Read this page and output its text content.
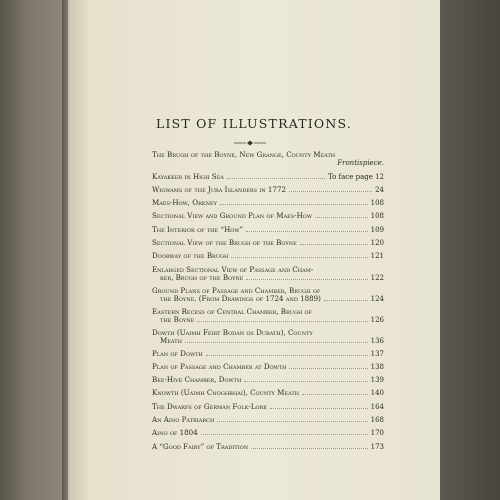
LIST OF ILLUSTRATIONS.
The Brugh of the Boyne, New Grange, County Meath
Frontispiece.
Kayakker in High Sea	To face page 12
Wigwams of the Jura Islanders in 1772	24
Maes-How, Orkney	108
Sectional View and Ground Plan of Maes-How	108
The Interior of the “How”	109
Sectional View of the Brugh of the Boyne	120
Doorway of the Brugh	121
Enlarged Sectional View of Passage and Cham-
ber, Brugh of the Boyne	122
Ground Plans of Passage and Chamber, Brugh of
the Boyne. (From Drawings of 1724 and 1889)	124
Eastern Recess of Central Chamber, Brugh of
the Boyne	126
Dowth (Uaimh Feirt Bodan os Dubath), County
Meath	136
Plan of Dowth	137
Plan of Passage and Chamber at Dowth	138
Bee-Hive Chamber, Dowth	139
Knowth (Uaimh Cnoghbhai), County Meath	140
The Dwarfs of German Folk-Lore	164
An Aino Patriarch	168
Aino of 1804	170
A “Good Fairy” of Tradition	173
